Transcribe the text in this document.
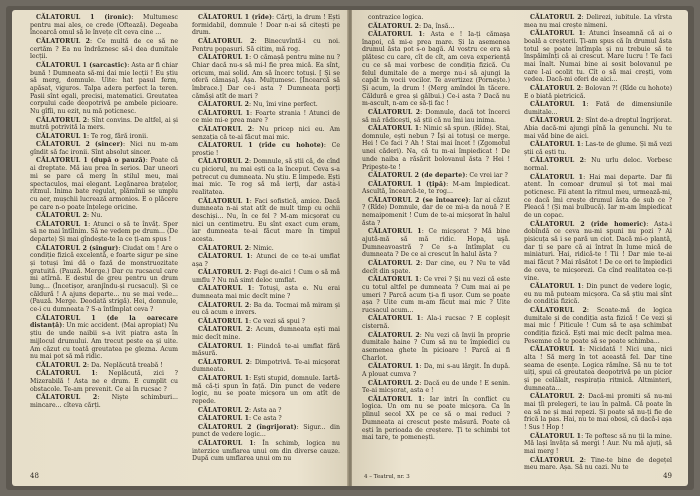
CĂLATORUL 1 (ironic): Multumesc pentru mai ales, ce crede (Oftează). Degeaba încearcă omul să le învețe cît ceva cine ...

CĂLATORUL 2: Ce multă de ce să ne certăm ? Ea nu îndrăznesc să-i dea dumitale lecții.

CĂLATORUL 1 (sarcastic): Asta ar fi chiar bună ! Dumneata să-mi dai mie lecții ! Eu știu să merg, domnule. Uite: hat pasul ferm, apăsat, viguros. Talpa adera perfect la teren. Pasii sînt egali, precisi, matematici. Greutatea corpului cade deopotrivă pe ambele picioare. Nu gîfîi, nu ezit, nu mă poticnesc.

CĂLATORUL 2: Sînt convins. De altfel, ai și mutră potrivită la mers.

CĂLATORUL 1: Te rog, fără ironii.

CĂLATORUL 2 (sincer): Nici nu m-am gîndit să fac ironii. Sînt absolut sincer.

CĂLATORUL 1 (după o pauză): Poate că ai dreptate. Mă iau prea în serios. Dar uneori mi se pare că merg în stilul meu, mai spectaculos, mai elegant. Legănarea brațelor, ritmul. Inima bate regulat, plămînii se umplu cu aer, mușchii lucrează armonios. E o plăcere pe care n-o poate înțelege oricine.

CĂLATORUL 2: Nu.

CĂLATORUL 1: Atunci o să te învăț. Sper să ne mai întîlnim. Să ne vedem pe drum... (De departe) Și mai gîndește-te la ce ți-am spus !

CĂLATORUL 2 (singur): Ciudat om ! Are o condiție fizică excelentă, e foarte sigur pe sine și totuși îmi dă o fază de monstruozitate gratuită. (Pauză. Merge.) Dar cu rucsacul care mi atîrnă. E destul de greu pentru un drum lung... (Încetișor, aranjîndu-și rucsacul). Și ce căldură ! A ajuns departe... nu se mai vede... (Pauză. Merge. Deodată strigă). Hei, domnule, ce-i cu dumneata ? S-a întîmplat ceva ?

CĂLATORUL 1 (de la oarecare distanță): Un mic accident. (Mai apropiat) Nu știu de unde naibii s-a ivit piatra asta în mijlocul drumului. Am trecut peste ea și uite. Am căzut cu toată greutatea pe glezna. Acum nu mai pot să mă ridic.

CĂLATORUL 2: Da. Neplăcută treabă !

CĂLATORUL 1: Neplăcută, zici ? Mizerabilă ! Asta ne e drum. E cumplit cu obstacole. Te-am prevenit. Ce ai în rucsac ?

CĂLATORUL 2: Niște schimburi... mincare... cîteva cărți.

CĂLATORUL 1 (rîde): Cărți, la drum ! Ești formidabil, domnule ! Doar n-ai să citești pe drum.

CĂLATORUL 2: Binecuvîntă-i cu noi. Pentru popasuri. Să citim, mă rog.

CĂLATORUL 1: O cămașă pentru mine nu ? Chiar dacă nu-s să mi-l fie prea mică. Ea sînt, oricum, mai solid. Am să încerc totuși. [ Și se oferă cămașa]. Așa. Mulțumesc. [Încearcă să îmbrace.] Dar ce-i asta ? Dumneata porți cămăși atît de mari ?

CĂLATORUL 2: Nu, îmi vine perfect.

CĂLATORUL 1: Foarte strania ! Atunci de ce mie mi-e prea mare ?

CĂLATORUL 2: Nu pricep nici eu. Am senzația că te-ai făcut mai mic.

CĂLATORUL 1 (rîde cu hohote): Ce prostie !

CĂLATORUL 2: Domnule, să știi că, de cînd cu piciorul, nu mai ești ca la început. Ceva s-a petrecut cu dumneata. Nu știu. E limpede. Ești mai mic. Te rog să mă ierți, dar asta-i realitatea.

CĂLATORUL 1: Faci sofistică, amice. Dacă dumneata n-ai stat atît de mult timp cu ochii deschiși... Nu, în ce fel ? M-am micșorat cu nici un centimetru. Eu sînt exact cum eram, iar dumneata te-ai făcut mare în timpul acesta.

CĂLATORUL 2: Nimic.

CĂLATORUL 1: Atunci de ce te-ai umflat așa ?

CĂLATORUL 2: Fugi de-aici ! Cum o să mă umflu ? Nu mă simt deloc umflat.

CĂLATORUL 1: Totuși, asta e. Nu erai dumneata mai mic decît mine ?

CĂLATORUL 2: Ba da. Tocmai mă miram și eu că acum e invers.

CĂLATORUL 1: Ce vezi să spui ?

CĂLATORUL 2: Acum, dumneata ești mai mic decît mine.

CĂLATORUL 1: Fiindcă te-ai umflat fără măsură.

CĂLATORUL 2: Dimpotrivă. Te-ai micșorat dumneata.

CĂLATORUL 1: Ești stupid, domnule. Iartă-mă că-ți spun în față. Din punct de vedere logic, nu se poate micșora un om atît de repede.

CĂLATORUL 2: Asta aa ?

CĂLATORUL 1: Ce asta ?

CĂLATORUL 2 (îngrijorat): Sigur... din punct de vedere logic...

CĂLATORUL 1: În schimb, logica nu interzice umflarea unui om din diverse cauze. După cum umflarea unui om nu

48

contrazice logica.

CĂLATORUL 2: Da, însă...

CĂLATORUL 1: Asta e ! Ia-ți cămașa înapoi, că mi-e prea mare. Și la asemenea drumul ăsta pot s-o bagă. Al vostru ce era să plătesc cu care, cît de cît, am ceva experiență cu ce să mai vorbesc de condiția fizică. Cu felul dumitale de a merge nu-i să ajungi la capăt în vocii vocilor. Te avertizez (Pornește.) Și acum, la drum ! (Merg amîndoi în tăcere. Căldură e grea și gălbui.) Ce-i asta ? Dacă nu m-ascult, n-am ce să-ți fac !

CĂLATORUL 2: Domnule, dacă tot încerci să mă rădicești, să știi că nu îmi iau inima.

CĂLATORUL 1: Nimic să spun. (Rîde). Stai, domnule, ești nebun ? Își ai totuși ce merge. Hei ! Ce faci ? Ah ! Stai mai încet ! (Zgomotul unei căderi). Na, că tu m-ai împiedicat ! De unde naiba a răsărit bolovanul ăsta ? Hei ! Pripește-te !

CĂLATORUL 2 (de departe): Ce vrei iar ?

CĂLATORUL 1 (țipă): M-am împiedicat. Ascultă, încearcă-te, te rog...

CĂLATORUL 2 (se întoarce): Iar ai căzut ? (Rîde) Domnule, dar de ce mi-a da nouă ? E nemaipomenit ! Cum de te-ai micșorat în halul ăsta ?

CĂLATORUL 1: Ce micșorat ? Mă bine ajută-mă să mă ridic. Hopa, uşă. Dumneavoastră ? Ce s-a întîmplat cu dumneata ? De ce ai crescut în halul ăsta ?

CĂLATORUL 2: Dar cine, eu ? Nu te văd decît din spate.

CĂLATORUL 1: Ce vrei ? Și nu vezi că este cu totul altfel pe dumneata ? Cum mai ai pe umeri ? Parcă acum ți-a fi ușor. Cum se poate așa ? Uite cum m-am făcut mai mic ? Uite rucsacul acum...

CĂLATORUL 1: Ala-i rucsac ? E copleșit cisternă.

CĂLATORUL 2: Nu vezi că învii în proprie dumitale haine ? Cum să nu te împiedici cu asemenea ghete în picioare ! Parcă ai fi Charlot.

CĂLATORUL 1: Da, mi s-au lărgit. În după. A plouat cumva ?

CĂLATORUL 2: Dacă eu de unde ! E senin. Te-ai micșorat, asta e !

CĂLATORUL 1: Iar intri în conflict cu logica. Un om nu se poate micșora. Ca în plinul secol XX pe ce să o mai reduci ? Dumneata ai crescut peste măsură. Poate că ești în perioada de creștere. Ți te schimbi tot mai tare, te pomenești.

CĂLATORUL 2: Delirezi, iubitule. La vîrsta mea nu mai crește nimeni.

CĂLATORUL 1: Atunci înseamnă că ai o boală a creșterii. Ți-am spus că în drumul ăsta totul se poate întîmpla și nu trebuie să te înspăimînți că ai crescut. Mare lucru ! Te faci mai înalt. Numai bine ai sosit bolovanul pe care l-ai ocolit tu. Cît o să mai crești, vom vedea. Dacă-mi oferi de aici...

CĂLATORUL 2: Bolovan ?! (Rîde cu hohote) E o biată pietricică.

CĂLATORUL 1: Fată de dimensiunile dumitale...

CĂLATORUL 2: Sînt de-a dreptul îngrijorat. Abia dacă-mi ajungi pînă la genunchi. Nu te mai văd bine de aici.

CĂLATORUL 1: Las-te de glume. Și mă vezi știi că ești tu.

CĂLATORUL 2: Nu urlu deloc. Vorbesc normal.

CĂLATORUL 1: Hai mai departe. Dar fii atent. În comoar drumul și tot mai mai poticnesc. Fii atent la ritmul meu, urmează-mi, ce dacă îmi crește drumul ăsta de sub ce ? Pleacă ! (Și mai bulbucă). Iar m-am împiedicat de un copac.

CĂLATORUL 2 (rîde homeric): Asta-i dobîndă ce ceva nu-mi spuni nu pozi ? Ai pisicuța să i se pară un ciot. Dacă mi-o plantă, dar ți se pare că ai întrat în lume mică de miniaturi. Hai, ridică-te ! Tii ! Dar mie te-ai mai făcut ? Mai răsătot ! De ce ori te împiedici de ceva, te micșorezi. Ca cînd realitatea ce-ți vine.

CĂLATORUL 1: Din punct de vedere logic, eu nu mă puteam micșora. Ca să știu mai sînt de condiția fizică.

CĂLATORUL 2: Scoate-mă de logica dumitale și de condiția asta fizică ! Ce vezi și mai mic ! Piticule ! Cum să te așa schimbat condiția fizică. Ești mai mic decît palma mea. Pesemne că te poate să se poate schimba...

CĂLATORUL 1: Nicidată ! Nici una, nici alta ! Să merg în tot această fel. Dar tine seama de esențe. Logica rămîne. Să nu te tot uiți, spui că greutatea deopotrivă pe un picior și pe celălalt, respirația ritmică. Altminteri, dumneata...

CĂLATORUL 2: Dacă-mi promiti să nu-mi mai țîi prelegeri, te iau în palmă. Că poate în ea să ne și mai repezi. Și poate să nu-ți fie de frică la pas. Hai, nu te mai obosi, că dacă-i așa ! Sus ! Hop !

CĂLATORUL 1: Te poftesc să nu ții la mine. Mă lași învăța să mergi ! Aur. Nu mă ajuți, să mai merg !

CĂLATORUL 2: Tine-te bine de degețel meu mare. Așa. Să nu cazi. Nu te

4 – Teatrul, nr. 3	49
